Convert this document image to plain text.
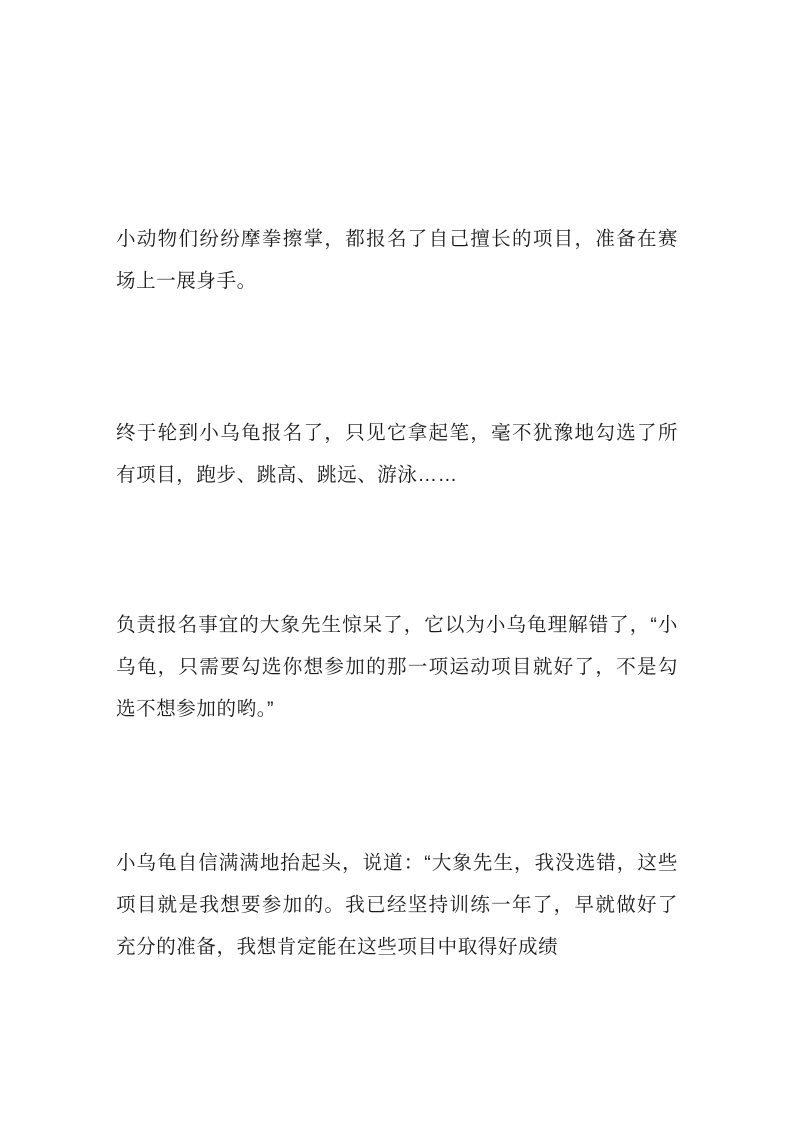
小动物们纷纷摩拳擦掌，都报名了自己擅长的项目，准备在赛场上一展身手。

终于轮到小乌龟报名了，只见它拿起笔，毫不犹豫地勾选了所有项目，跑步、跳高、跳远、游泳……

负责报名事宜的大象先生惊呆了，它以为小乌龟理解错了，“小乌龟，只需要勾选你想参加的那一项运动项目就好了，不是勾选不想参加的哟。”

小乌龟自信满满地抬起头，说道：“大象先生，我没选错，这些项目就是我想要参加的。我已经坚持训练一年了，早就做好了充分的准备，我想肯定能在这些项目中取得好成绩
